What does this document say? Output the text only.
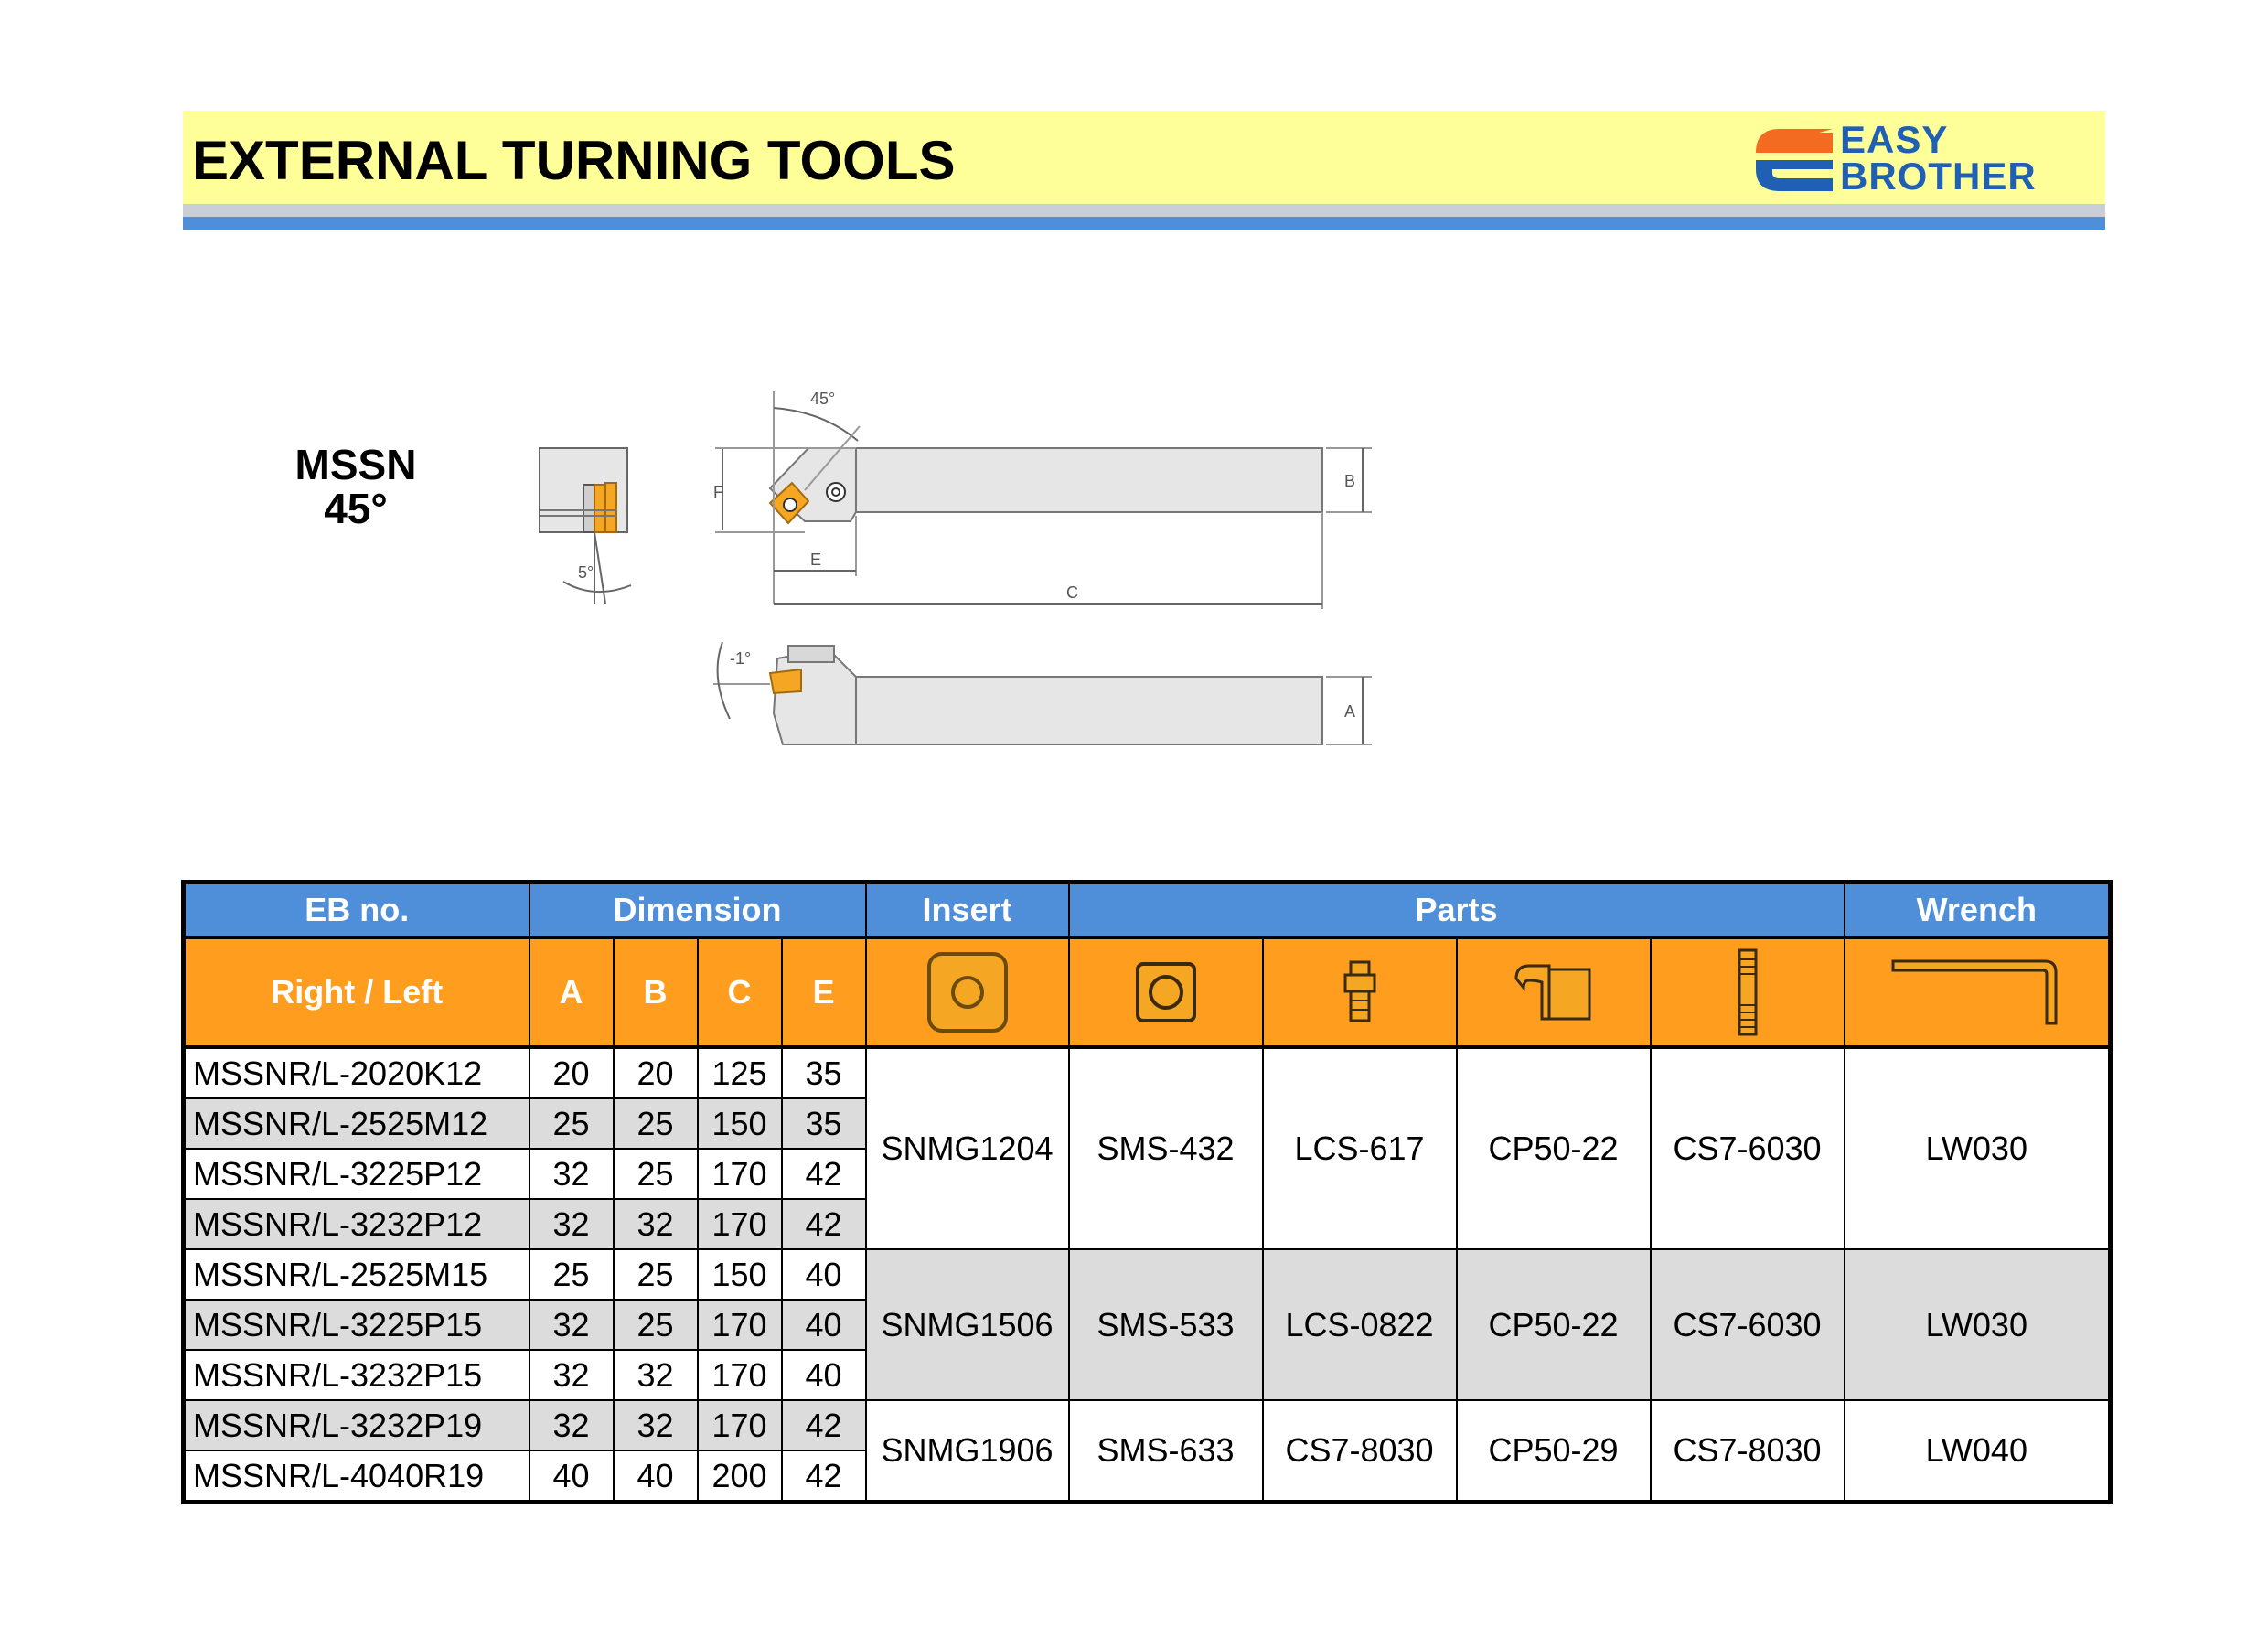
EXTERNAL TURNING TOOLS	EASY
BROTHER
MSSN
45°
45°
5°
-1°
F
E
C
B
A
EB no.	Dimension				Insert	Parts				Wrench
Right / Left	A	B	C	E	

MSSNR/L-2020K12	20	20	125	35	SNMG1204	SMS-432	LCS-617	CP50-22	CS7-6030	LW030
MSSNR/L-2525M12	25	25	150	35						
MSSNR/L-3225P12	32	25	170	42						
MSSNR/L-3232P12	32	32	170	42						
MSSNR/L-2525M15	25	25	150	40	SNMG1506	SMS-533	LCS-0822	CP50-22	CS7-6030	LW030
MSSNR/L-3225P15	32	25	170	40						
MSSNR/L-3232P15	32	32	170	40						
MSSNR/L-3232P19	32	32	170	42	SNMG1906	SMS-633	CS7-8030	CP50-29	CS7-8030	LW040
MSSNR/L-4040R19	40	40	200	42						
